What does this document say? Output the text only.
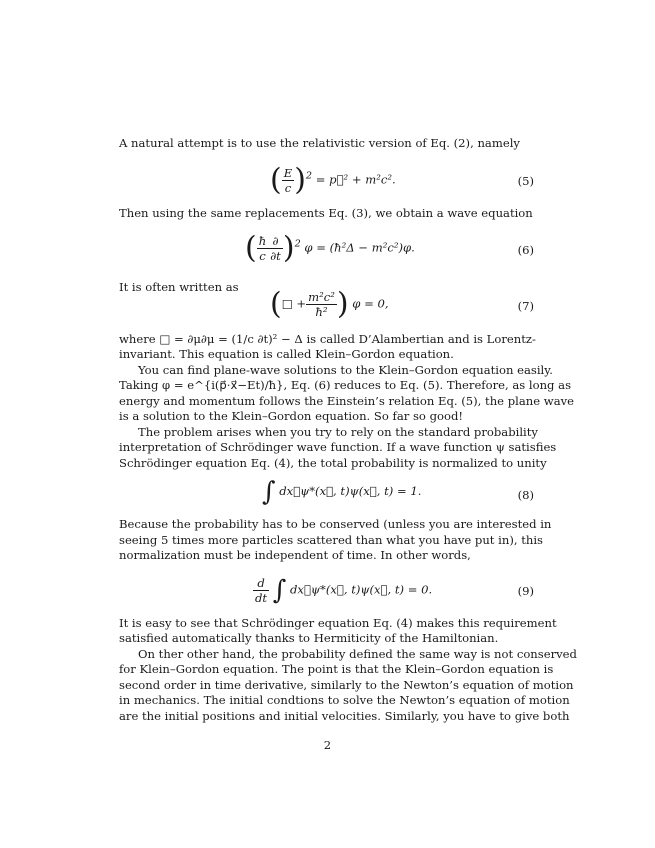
A natural attempt is to use the relativistic version of Eq. (2), namely
( $\frac{E}{c} )^2$ = p⃗² + m²c².	(5)
Then using the same replacements Eq. (3), we obtain a wave equation
( $\frac{ħ}{c} \frac{\partial}{\partial t} )^2$ φ = (ħ²Δ − m²c²)φ.	(6)
It is often written as	(□ + $\frac{\text{m²c²}}{\text{ħ²}}$ ) φ = 0,	(7)
where □ = ∂μ∂μ = (1/c ∂t)² − Δ is called D’Alambertian and is Lorentz-
invariant. This equation is called Klein–Gordon equation.
You can find plane-wave solutions to the Klein–Gordon equation easily.
Taking φ = e^{i(p⃗·x⃗−Et)/ħ}, Eq. (6) reduces to Eq. (5). Therefore, as long as
energy and momentum follows the Einstein’s relation Eq. (5), the plane wave
is a solution to the Klein–Gordon equation. So far so good!
The problem arises when you try to rely on the standard probability
interpretation of Schrödinger wave function. If a wave function ψ satisfies
Schrödinger equation Eq. (4), the total probability is normalized to unity
∫ dx⃗ψ*(x⃗, t)ψ(x⃗, t) = 1.	(8)
Because the probability has to be conserved (unless you are interested in
seeing 5 times more particles scattered than what you have put in), this
normalization must be independent of time. In other words,
$\frac{d}{dt}$ ∫ dx⃗ψ*(x⃗, t)ψ(x⃗, t) = 0.	(9)
It is easy to see that Schrödinger equation Eq. (4) makes this requirement
satisfied automatically thanks to Hermiticity of the Hamiltonian.
On ther other hand, the probability defined the same way is not conserved
for Klein–Gordon equation. The point is that the Klein–Gordon equation is
second order in time derivative, similarly to the Newton’s equation of motion
in mechanics. The initial condtions to solve the Newton’s equation of motion
are the initial positions and initial velocities. Similarly, you have to give both
2
